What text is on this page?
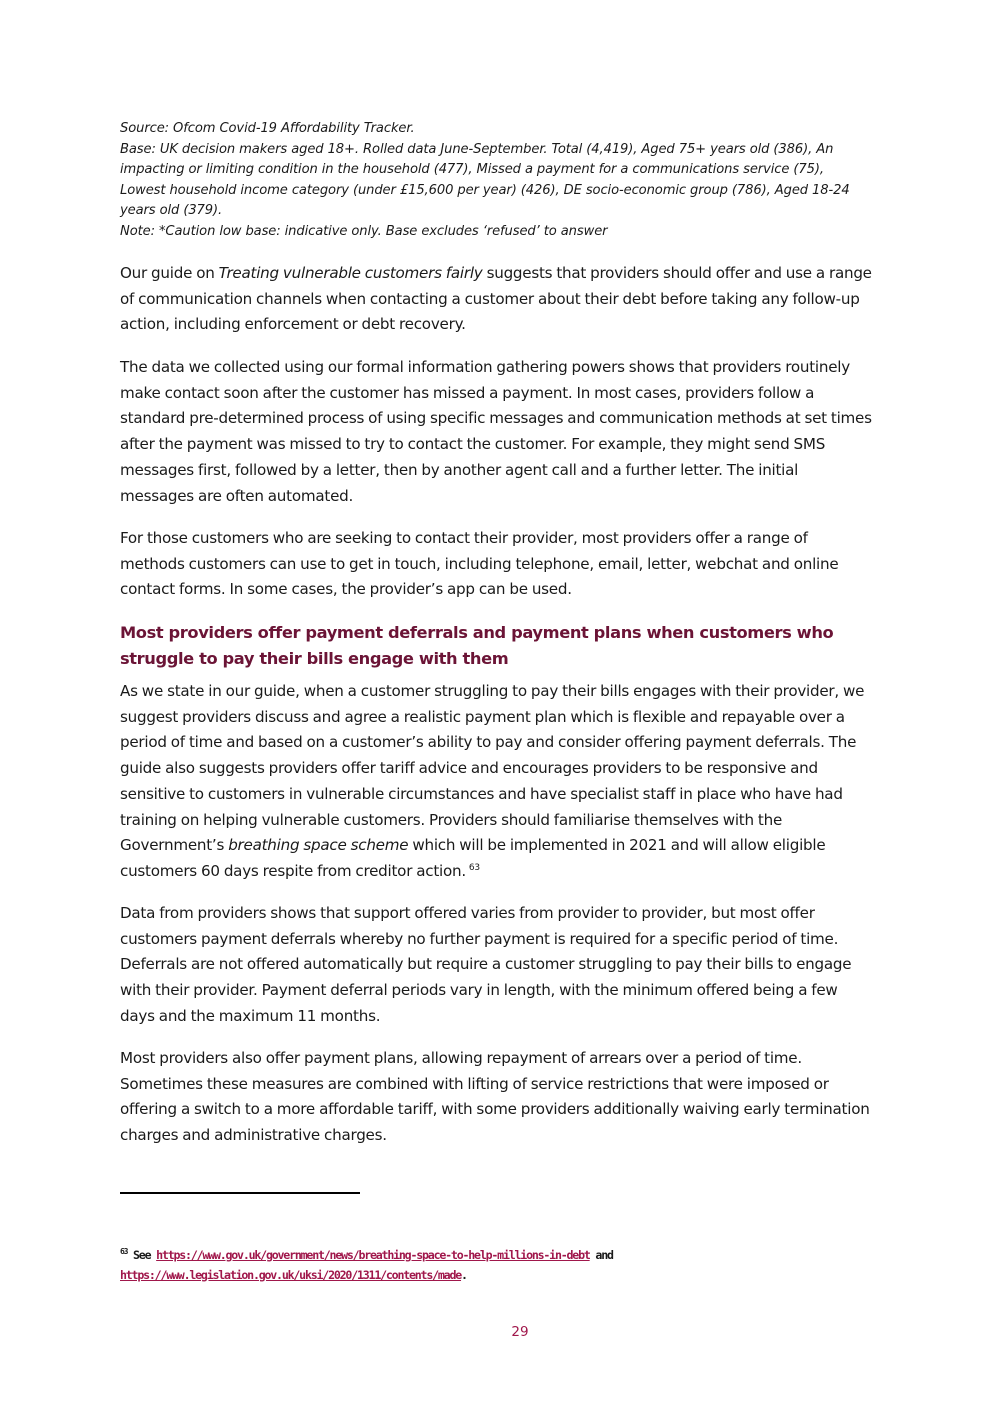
Source: Ofcom Covid-19 Affordability Tracker.
Base: UK decision makers aged 18+. Rolled data June-September. Total (4,419), Aged 75+ years old (386), An
impacting or limiting condition in the household (477), Missed a payment for a communications service (75),
Lowest household income category (under £15,600 per year) (426), DE socio-economic group (786), Aged 18-24
years old (379).
Note: *Caution low base: indicative only. Base excludes ‘refused’ to answer

Our guide on Treating vulnerable customers fairly suggests that providers should offer and use a range of communication channels when contacting a customer about their debt before taking any follow-up action, including enforcement or debt recovery.

The data we collected using our formal information gathering powers shows that providers routinely make contact soon after the customer has missed a payment. In most cases, providers follow a standard pre-determined process of using specific messages and communication methods at set times after the payment was missed to try to contact the customer. For example, they might send SMS messages first, followed by a letter, then by another agent call and a further letter. The initial messages are often automated.

For those customers who are seeking to contact their provider, most providers offer a range of methods customers can use to get in touch, including telephone, email, letter, webchat and online contact forms. In some cases, the provider’s app can be used.

Most providers offer payment deferrals and payment plans when customers who struggle to pay their bills engage with them

As we state in our guide, when a customer struggling to pay their bills engages with their provider, we suggest providers discuss and agree a realistic payment plan which is flexible and repayable over a period of time and based on a customer’s ability to pay and consider offering payment deferrals. The guide also suggests providers offer tariff advice and encourages providers to be responsive and sensitive to customers in vulnerable circumstances and have specialist staff in place who have had training on helping vulnerable customers. Providers should familiarise themselves with the Government’s breathing space scheme which will be implemented in 2021 and will allow eligible customers 60 days respite from creditor action. $^{63}$

Data from providers shows that support offered varies from provider to provider, but most offer customers payment deferrals whereby no further payment is required for a specific period of time. Deferrals are not offered automatically but require a customer struggling to pay their bills to engage with their provider. Payment deferral periods vary in length, with the minimum offered being a few days and the maximum 11 months.

Most providers also offer payment plans, allowing repayment of arrears over a period of time. Sometimes these measures are combined with lifting of service restrictions that were imposed or offering a switch to a more affordable tariff, with some providers additionally waiving early termination charges and administrative charges.

$^{63}$ See https://www.gov.uk/government/news/breathing-space-to-help-millions-in-debt and
https://www.legislation.gov.uk/uksi/2020/1311/contents/made.
29
